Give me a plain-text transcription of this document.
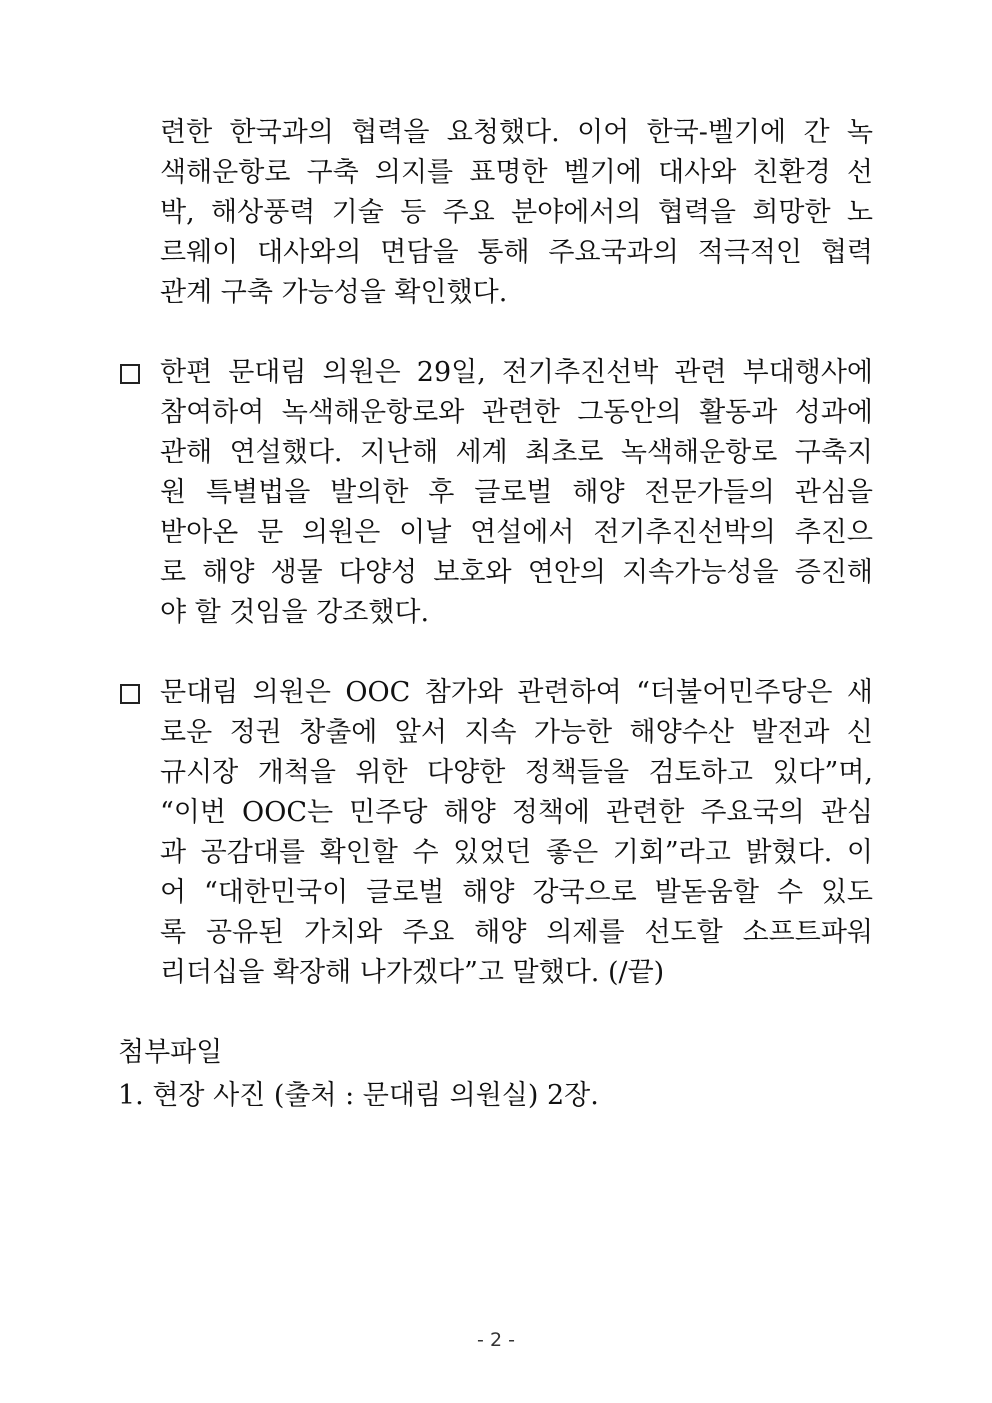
련한 한국과의 협력을 요청했다. 이어 한국-벨기에 간 녹
색해운항로 구축 의지를 표명한 벨기에 대사와 친환경 선
박, 해상풍력 기술 등 주요 분야에서의 협력을 희망한 노
르웨이 대사와의 면담을 통해 주요국과의 적극적인 협력
관계 구축 가능성을 확인했다.
한편 문대림 의원은 29일, 전기추진선박 관련 부대행사에
참여하여 녹색해운항로와 관련한 그동안의 활동과 성과에
관해 연설했다. 지난해 세계 최초로 녹색해운항로 구축지
원 특별법을 발의한 후 글로벌 해양 전문가들의 관심을
받아온 문 의원은 이날 연설에서 전기추진선박의 추진으
로 해양 생물 다양성 보호와 연안의 지속가능성을 증진해
야 할 것임을 강조했다.
문대림 의원은 OOC 참가와 관련하여 “더불어민주당은 새
로운 정권 창출에 앞서 지속 가능한 해양수산 발전과 신
규시장 개척을 위한 다양한 정책들을 검토하고 있다”며,
“이번 OOC는 민주당 해양 정책에 관련한 주요국의 관심
과 공감대를 확인할 수 있었던 좋은 기회”라고 밝혔다. 이
어 “대한민국이 글로벌 해양 강국으로 발돋움할 수 있도
록 공유된 가치와 주요 해양 의제를 선도할 소프트파워
리더십을 확장해 나가겠다”고 말했다. (/끝)
첨부파일
1. 현장 사진 (출처 : 문대림 의원실) 2장.
- 2 -
